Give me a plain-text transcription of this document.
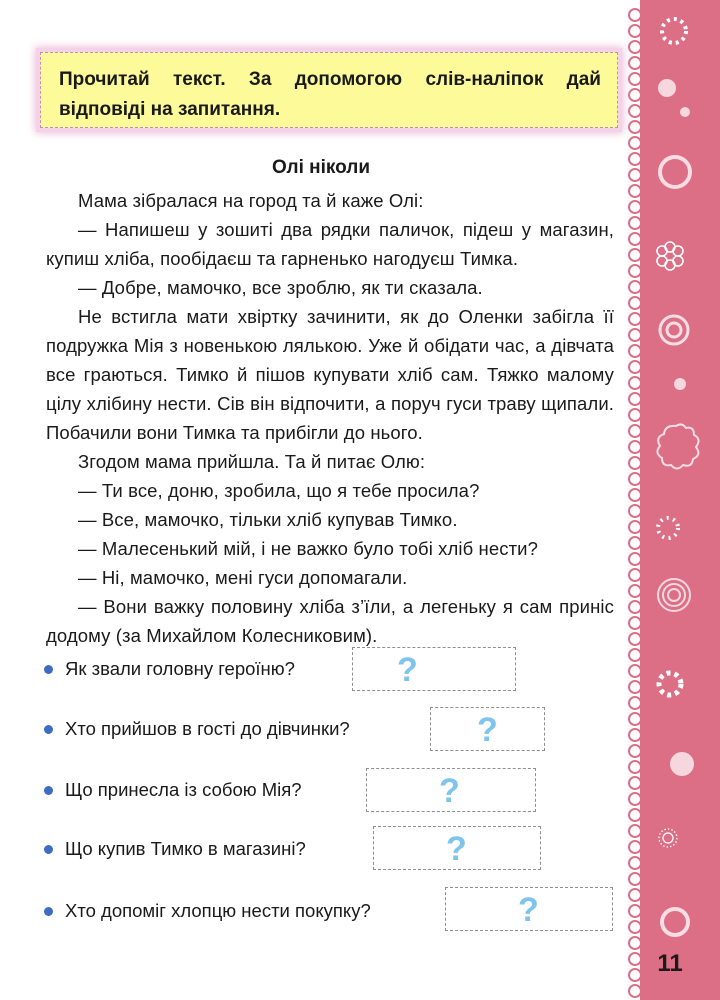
11
Прочитай текст. За допомогою слів-наліпок дай відповіді на запитання.
Олі ніколи

Мама зібралася на город та й каже Олі:

— Напишеш у зошиті два рядки паличок, підеш у магазин, купиш хліба, пообідаєш та гарненько нагодуєш Тимка.

— Добре, мамочко, все зроблю, як ти сказала.

Не встигла мати хвіртку зачинити, як до Оленки забігла її подружка Мія з новенькою лялькою. Уже й обідати час, а дівчата все граються. Тимко й пішов купувати хліб сам. Тяжко малому цілу хлібину нести. Сів він відпочити, а поруч гуси траву щипали. Побачили вони Тимка та прибігли до нього.

Згодом мама прийшла. Та й питає Олю:

— Ти все, доню, зробила, що я тебе просила?

— Все, мамочко, тільки хліб купував Тимко.

— Малесенький мій, і не важко було тобі хліб нести?

— Ні, мамочко, мені гуси допомагали.

— Вони важку половину хліба з’їли, а легеньку я сам приніс додому (за Михайлом Колесниковим).

Як звали головну героїню?	?
Хто прийшов в гості до дівчинки?	?
Що принесла із собою Мія?	?
Що купив Тимко в магазині?	?
Хто допоміг хлопцю нести покупку?	?
